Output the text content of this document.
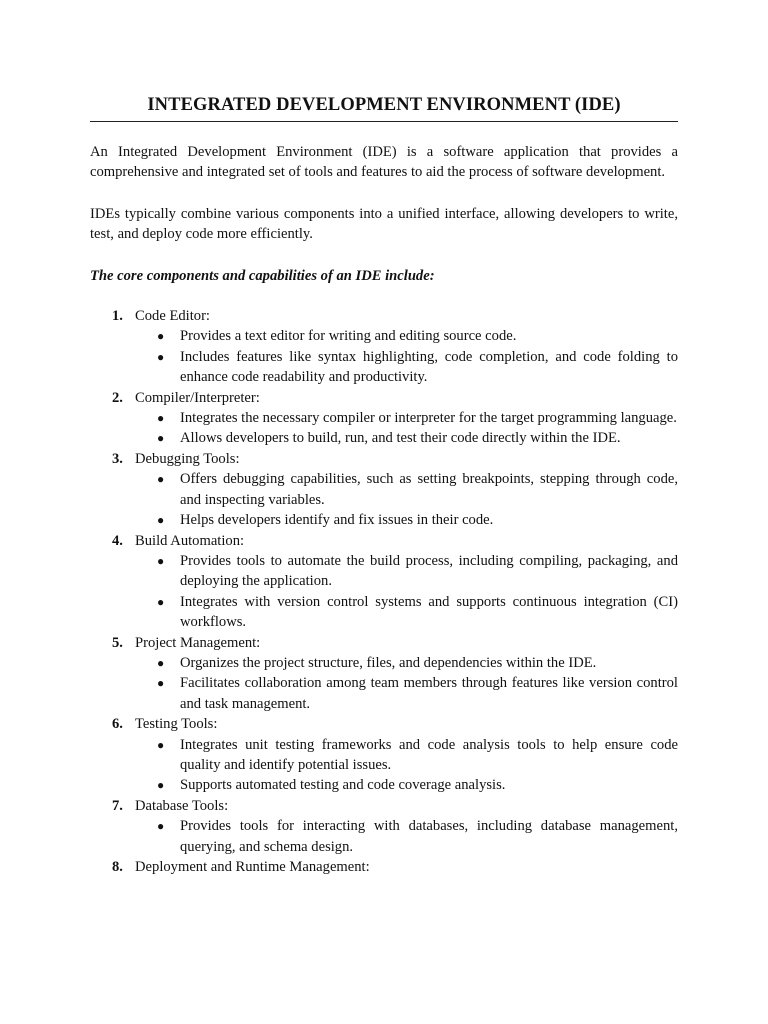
INTEGRATED DEVELOPMENT ENVIRONMENT (IDE)

An Integrated Development Environment (IDE) is a software application that provides a comprehensive and integrated set of tools and features to aid the process of software development.

IDEs typically combine various components into a unified interface, allowing developers to write, test, and deploy code more efficiently.

The core components and capabilities of an IDE include:

1. Code Editor:
● Provides a text editor for writing and editing source code.
● Includes features like syntax highlighting, code completion, and code folding to enhance code readability and productivity.
2. Compiler/Interpreter:
● Integrates the necessary compiler or interpreter for the target programming language.
● Allows developers to build, run, and test their code directly within the IDE.
3. Debugging Tools:
● Offers debugging capabilities, such as setting breakpoints, stepping through code, and inspecting variables.
● Helps developers identify and fix issues in their code.
4. Build Automation:
● Provides tools to automate the build process, including compiling, packaging, and deploying the application.
● Integrates with version control systems and supports continuous integration (CI) workflows.
5. Project Management:
● Organizes the project structure, files, and dependencies within the IDE.
● Facilitates collaboration among team members through features like version control and task management.
6. Testing Tools:
● Integrates unit testing frameworks and code analysis tools to help ensure code quality and identify potential issues.
● Supports automated testing and code coverage analysis.
7. Database Tools:
● Provides tools for interacting with databases, including database management, querying, and schema design.
8. Deployment and Runtime Management:
